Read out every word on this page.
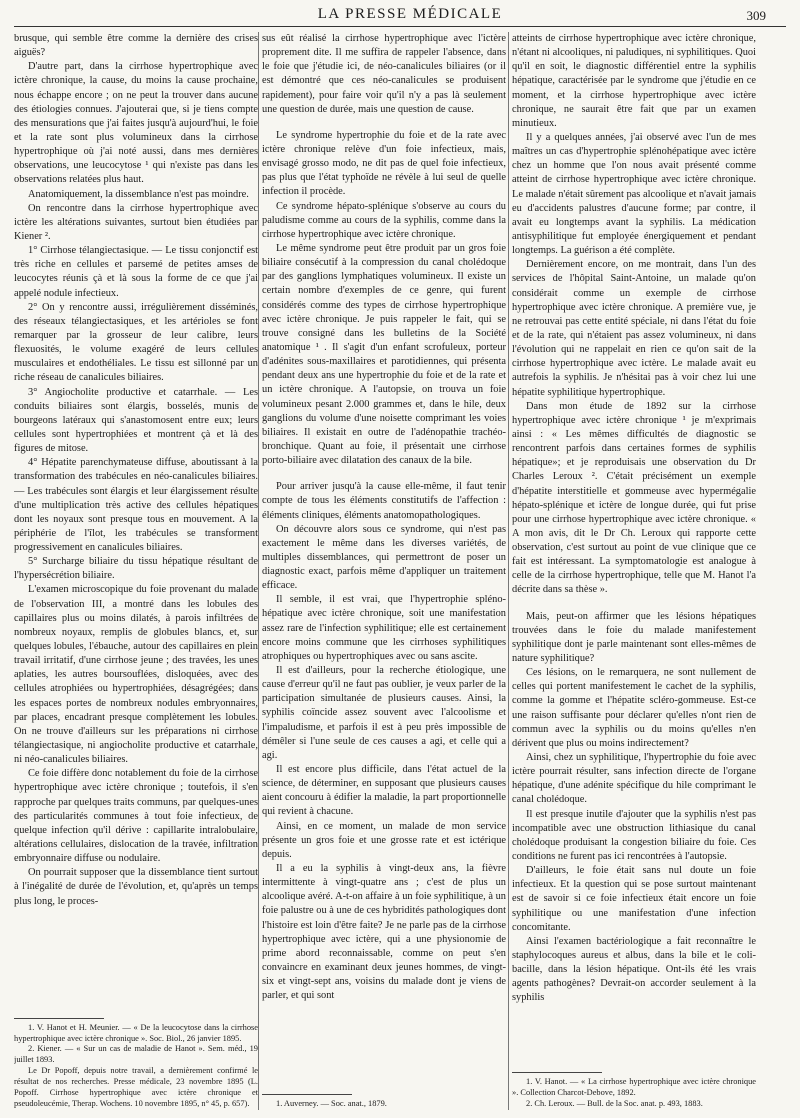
LA PRESSE MÉDICALE	309

brusque, qui semble être comme la dernière des crises aiguës?

D'autre part, dans la cirrhose hypertrophique avec ictère chronique, la cause, du moins la cause prochaine, nous échappe encore ; on ne peut la trouver dans aucune des étiologies connues. J'ajouterai que, si je tiens compte des mensurations que j'ai faites jusqu'à aujourd'hui, le foie et la rate sont plus volumineux dans la cirrhose hypertrophique où j'ai noté aussi, dans mes dernières observations, une leucocytose ¹ qui n'existe pas dans les observations relatées plus haut.

Anatomiquement, la dissemblance n'est pas moindre.

On rencontre dans la cirrhose hypertrophique avec ictère les altérations suivantes, surtout bien étudiées par Kiener ².

1° Cirrhose télangiectasique. — Le tissu conjonctif est très riche en cellules et parsemé de petites amses de leucocytes réunis çà et là sous la forme de ce que j'ai appelé nodule infectieux.

2° On y rencontre aussi, irrégulièrement disséminés, des réseaux télangiectasiques, et les artérioles se font remarquer par la grosseur de leur calibre, leurs flexuosités, le volume exagéré de leurs cellules musculaires et endothéliales. Le tissu est sillonné par un riche réseau de canalicules biliaires.

3° Angiocholite productive et catarrhale. — Les conduits biliaires sont élargis, bosselés, munis de bourgeons latéraux qui s'anastomosent entre eux; leurs cellules sont hypertrophiées et montrent çà et là des figures de mitose.

4° Hépatite parenchymateuse diffuse, aboutissant à la transformation des trabécules en néo-canalicules biliaires. — Les trabécules sont élargis et leur élargissement résulte d'une multiplication très active des cellules hépatiques dont les noyaux sont presque tous en mouvement. A la périphérie de l'îlot, les trabécules se transforment progressivement en canalicules biliaires.

5° Surcharge biliaire du tissu hépatique résultant de l'hypersécrétion biliaire.

L'examen microscopique du foie provenant du malade de l'observation III, a montré dans les lobules des capillaires plus ou moins dilatés, à parois infiltrées de nombreux noyaux, remplis de globules blancs, et, sur quelques lobules, l'ébauche, autour des capillaires en plein travail irritatif, d'une cirrhose jeune ; des travées, les unes aplaties, les autres boursouflées, disloquées, avec des cellules atrophiées ou hypertrophiées, désagrégées; dans les espaces portes de nombreux nodules embryonnaires, par places, encadrant presque complètement les lobules. On ne trouve d'ailleurs sur les préparations ni cirrhose télangiectasique, ni angiocholite productive et catarrhale, ni néo-canalicules biliaires.

Ce foie diffère donc notablement du foie de la cirrhose hypertrophique avec ictère chronique ; toutefois, il s'en rapproche par quelques traits communs, par quelques-unes des particularités communes à tout foie infectieux, de quelque infection qu'il dérive : capillarite intralobulaire, altérations cellulaires, dislocation de la travée, infiltration embryonnaire diffuse ou nodulaire.

On pourrait supposer que la dissemblance tient surtout à l'inégalité de durée de l'évolution, et, qu'après un temps plus long, le proces-

1. V. Hanot et H. Meunier. — « De la leucocytose dans la cirrhose hypertrophique avec ictère chronique ». Soc. Biol., 26 janvier 1895.

2. Kiener. — « Sur un cas de maladie de Hanot ». Sem. méd., 19 juillet 1893.

Le Dr Popoff, depuis notre travail, a dernièrement confirmé le résultat de nos recherches. Presse médicale, 23 novembre 1895 (L. Popoff. Cirrhose hypertrophique avec ictère chronique et pseudoleucémie, Therap. Wochens. 10 novembre 1895, n° 45, p. 657).

sus eût réalisé la cirrhose hypertrophique avec l'ictère proprement dite. Il me suffira de rappeler l'absence, dans le foie que j'étudie ici, de néo-canalicules biliaires (or il est démontré que ces néo-canalicules se produisent rapidement), pour faire voir qu'il n'y a pas là seulement une question de durée, mais une question de cause.

Le syndrome hypertrophie du foie et de la rate avec ictère chronique relève d'un foie infectieux, mais, envisagé grosso modo, ne dit pas de quel foie infectieux, pas plus que l'état typhoïde ne révèle à lui seul de quelle infection il procède.

Ce syndrome hépato-splénique s'observe au cours du paludisme comme au cours de la syphilis, comme dans la cirrhose hypertrophique avec ictère chronique.

Le même syndrome peut être produit par un gros foie biliaire consécutif à la compression du canal cholédoque par des ganglions lymphatiques volumineux. Il existe un certain nombre d'exemples de ce genre, qui furent considérés comme des types de cirrhose hypertrophique avec ictère chronique. Je puis rappeler le fait, qui se trouve consigné dans les bulletins de la Société anatomique ¹ . Il s'agit d'un enfant scrofuleux, porteur d'adénites sous-maxillaires et parotidiennes, qui présenta pendant deux ans une hypertrophie du foie et de la rate et un ictère chronique. A l'autopsie, on trouva un foie volumineux pesant 2.000 grammes et, dans le hile, deux ganglions du volume d'une noisette comprimant les voies biliaires. Il existait en outre de l'adénopathie trachéo-bronchique. Quant au foie, il présentait une cirrhose porto-biliaire avec dilatation des canaux de la bile.

Pour arriver jusqu'à la cause elle-même, il faut tenir compte de tous les éléments constitutifs de l'affection : éléments cliniques, éléments anatomopathologiques.

On découvre alors sous ce syndrome, qui n'est pas exactement le même dans les diverses variétés, de multiples dissemblances, qui permettront de poser un diagnostic exact, parfois même d'appliquer un traitement efficace.

Il semble, il est vrai, que l'hypertrophie spléno-hépatique avec ictère chronique, soit une manifestation assez rare de l'infection syphilitique; elle est certainement encore moins commune que les cirrhoses syphilitiques atrophiques ou hypertrophiques avec ou sans ascite.

Il est d'ailleurs, pour la recherche étiologique, une cause d'erreur qu'il ne faut pas oublier, je veux parler de la participation simultanée de plusieurs causes. Ainsi, la syphilis coïncide assez souvent avec l'alcoolisme et l'impaludisme, et parfois il est à peu près impossible de démêler si l'une seule de ces causes a agi, et celle qui a agi.

Il est encore plus difficile, dans l'état actuel de la science, de déterminer, en supposant que plusieurs causes aient concouru à édifier la maladie, la part proportionnelle qui revient à chacune.

Ainsi, en ce moment, un malade de mon service présente un gros foie et une grosse rate et est ictérique depuis.

Il a eu la syphilis à vingt-deux ans, la fièvre intermittente à vingt-quatre ans ; c'est de plus un alcoolique avéré. A-t-on affaire à un foie syphilitique, à un foie palustre ou à une de ces hybridités pathologiques dont l'histoire est loin d'être faite? Je ne parle pas de la cirrhose hypertrophique avec ictère, qui a une physionomie de prime abord reconnaissable, comme on peut s'en convaincre en examinant deux jeunes hommes, de vingt-six et vingt-sept ans, voisins du malade dont je viens de parler, et qui sont

1. Auverney. — Soc. anat., 1879.

atteints de cirrhose hypertrophique avec ictère chronique, n'étant ni alcooliques, ni paludiques, ni syphilitiques. Quoi qu'il en soit, le diagnostic différentiel entre la syphilis hépatique, caractérisée par le syndrome que j'étudie en ce moment, et la cirrhose hypertrophique avec ictère chronique, ne saurait être fait que par un examen minutieux.

Il y a quelques années, j'ai observé avec l'un de mes maîtres un cas d'hypertrophie splénohépatique avec ictère chez un homme que l'on nous avait présenté comme atteint de cirrhose hypertrophique avec ictère chronique. Le malade n'était sûrement pas alcoolique et n'avait jamais eu d'accidents palustres d'aucune forme; par contre, il avait eu longtemps avant la syphilis. La médication antisyphilitique fut employée énergiquement et pendant longtemps. La guérison a été complète.

Dernièrement encore, on me montrait, dans l'un des services de l'hôpital Saint-Antoine, un malade qu'on considérait comme un exemple de cirrhose hypertrophique avec ictère chronique. A première vue, je ne retrouvai pas cette entité spéciale, ni dans l'état du foie et de la rate, qui n'étaient pas assez volumineux, ni dans l'évolution qui ne rappelait en rien ce qu'on sait de la cirrhose hypertrophique avec ictère. Le malade avait eu autrefois la syphilis. Je n'hésitai pas à voir chez lui une hépatite syphilitique hypertrophique.

Dans mon étude de 1892 sur la cirrhose hypertrophique avec ictère chronique ¹ je m'exprimais ainsi : « Les mêmes difficultés de diagnostic se rencontrent parfois dans certaines formes de syphilis hépatique»; et je reproduisais une observation du Dr Charles Leroux ². C'était précisément un exemple d'hépatite interstitielle et gommeuse avec hypermégalie hépato-splénique et ictère de longue durée, qui fut prise pour une cirrhose hypertrophique avec ictère chronique. « A mon avis, dit le Dr Ch. Leroux qui rapporte cette observation, c'est surtout au point de vue clinique que ce fait est intéressant. La symptomatologie est analogue à celle de la cirrhose hypertrophique, telle que M. Hanot l'a décrite dans sa thèse ».

Mais, peut-on affirmer que les lésions hépatiques trouvées dans le foie du malade manifestement syphilitique dont je parle maintenant sont elles-mêmes de nature syphilitique?

Ces lésions, on le remarquera, ne sont nullement de celles qui portent manifestement le cachet de la syphilis, comme la gomme et l'hépatite scléro-gommeuse. Est-ce une raison suffisante pour déclarer qu'elles n'ont rien de commun avec la syphilis ou du moins qu'elles n'en dérivent que plus ou moins indirectement?

Ainsi, chez un syphilitique, l'hypertrophie du foie avec ictère pourrait résulter, sans infection directe de l'organe hépatique, d'une adénite spécifique du hile comprimant le canal cholédoque.

Il est presque inutile d'ajouter que la syphilis n'est pas incompatible avec une obstruction lithiasique du canal cholédoque produisant la congestion biliaire du foie. Ces conditions ne furent pas ici rencontrées à l'autopsie.

D'ailleurs, le foie était sans nul doute un foie infectieux. Et la question qui se pose surtout maintenant est de savoir si ce foie infectieux était encore un foie syphilitique ou une manifestation d'une infection concomitante.

Ainsi l'examen bactériologique a fait reconnaître le staphylocoques aureus et albus, dans la bile et le coli-bacille, dans la lésion hépatique. Ont-ils été les vrais agents pathogènes? Devrait-on accorder seulement à la syphilis

1. V. Hanot. — « La cirrhose hypertrophique avec ictère chronique ». Collection Charcot-Debove, 1892.

2. Ch. Leroux. — Bull. de la Soc. anat. p. 493, 1883.
